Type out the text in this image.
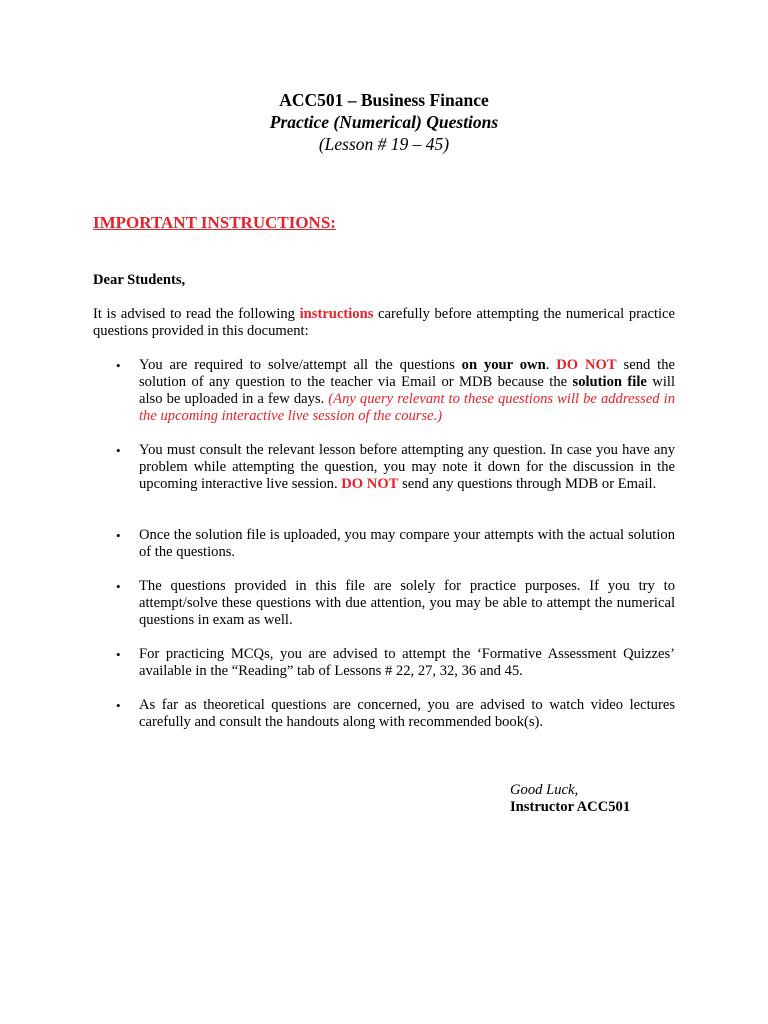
ACC501 – Business Finance
Practice (Numerical) Questions
(Lesson # 19 – 45)
IMPORTANT INSTRUCTIONS:
Dear Students,

It is advised to read the following instructions carefully before attempting the numerical practice questions provided in this document:

• You are required to solve/attempt all the questions on your own. DO NOT send the solution of any question to the teacher via Email or MDB because the solution file will also be uploaded in a few days. (Any query relevant to these questions will be addressed in the upcoming interactive live session of the course.)
• You must consult the relevant lesson before attempting any question. In case you have any problem while attempting the question, you may note it down for the discussion in the upcoming interactive live session. DO NOT send any questions through MDB or Email.
• Once the solution file is uploaded, you may compare your attempts with the actual solution of the questions.
• The questions provided in this file are solely for practice purposes. If you try to attempt/solve these questions with due attention, you may be able to attempt the numerical questions in exam as well.
• For practicing MCQs, you are advised to attempt the ‘Formative Assessment Quizzes’ available in the “Reading” tab of Lessons # 22, 27, 32, 36 and 45.
• As far as theoretical questions are concerned, you are advised to watch video lectures carefully and consult the handouts along with recommended book(s).
Good Luck,
Instructor ACC501
